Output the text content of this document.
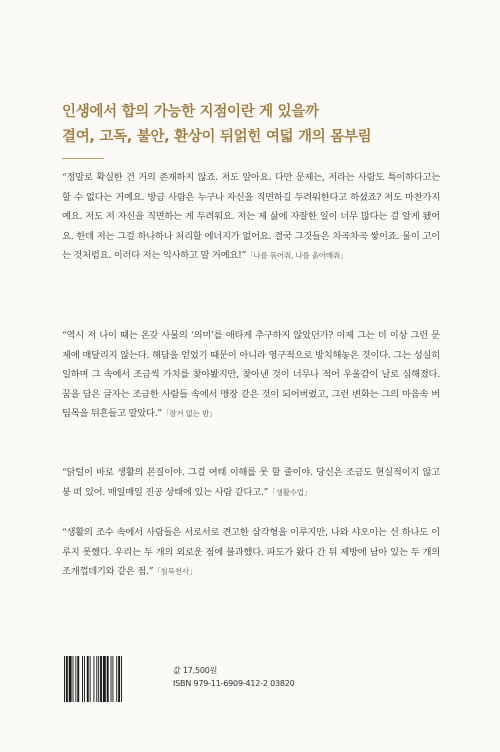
인생에서 합의 가능한 지점이란 게 있을까
결여, 고독, 불안, 환상이 뒤얽힌 여덟 개의 몸부림
“정말로 확실한 건 거의 존재하지 않죠. 저도 알아요. 다만 문제는, 저라는 사람도 특이하다고는 할 수 없다는 거예요. 방금 사람은 누구나 자신을 직면하길 두려워한다고 하셨죠? 저도 마찬가지예요. 저도 저 자신을 직면하는 게 두려워요. 저는 제 삶에 자잘한 일이 너무 많다는 걸 알게 됐어요. 한데 저는 그걸 하나하나 처리할 에너지가 없어요. 결국 그것들은 차곡차곡 쌓이죠. 물이 고이는 것처럼요. 이러다 저는 익사하고 말 거예요!”「나를 묶어줘, 나를 옭아매줘」
“역시 저 나이 때는 온갖 사물의 ‘의미’를 애타게 추구하지 않았던가? 이제 그는 더 이상 그런 문제에 매달리지 않는다. 해답을 얻었기 때문이 아니라 영구적으로 방치해놓은 것이다. 그는 성실히 일하며 그 속에서 조금씩 가치를 찾아봤지만, 찾아낸 것이 너무나 적어 우울감이 날로 심해졌다. 꿈을 담은 글자는 조금한 사람들 속에서 맹장 같은 것이 되어버렸고, 그런 변화는 그의 마음속 버팀목을 뒤흔들고 말았다.”「잠겨 없는 밤」
“닭털이 바로 생활의 본질이야. 그걸 여태 이해를 못 할 줄이야. 당신은 조금도 현실적이지 않고 붕 떠 있어. 매일매일 진공 상태에 있는 사람 같다고.”「생활수업」
“생활의 조수 속에서 사람들은 서로서로 견고한 삼각형을 이루지만, 나와 샤오이는 선 하나도 이루지 못했다. 우리는 두 개의 외로운 점에 불과했다. 파도가 왔다 간 뒤 제방에 남아 있는 두 개의 조개껍데기와 같은 점.”「침묵천사」
값 17,500원
ISBN 979-11-6909-412-2 03820
